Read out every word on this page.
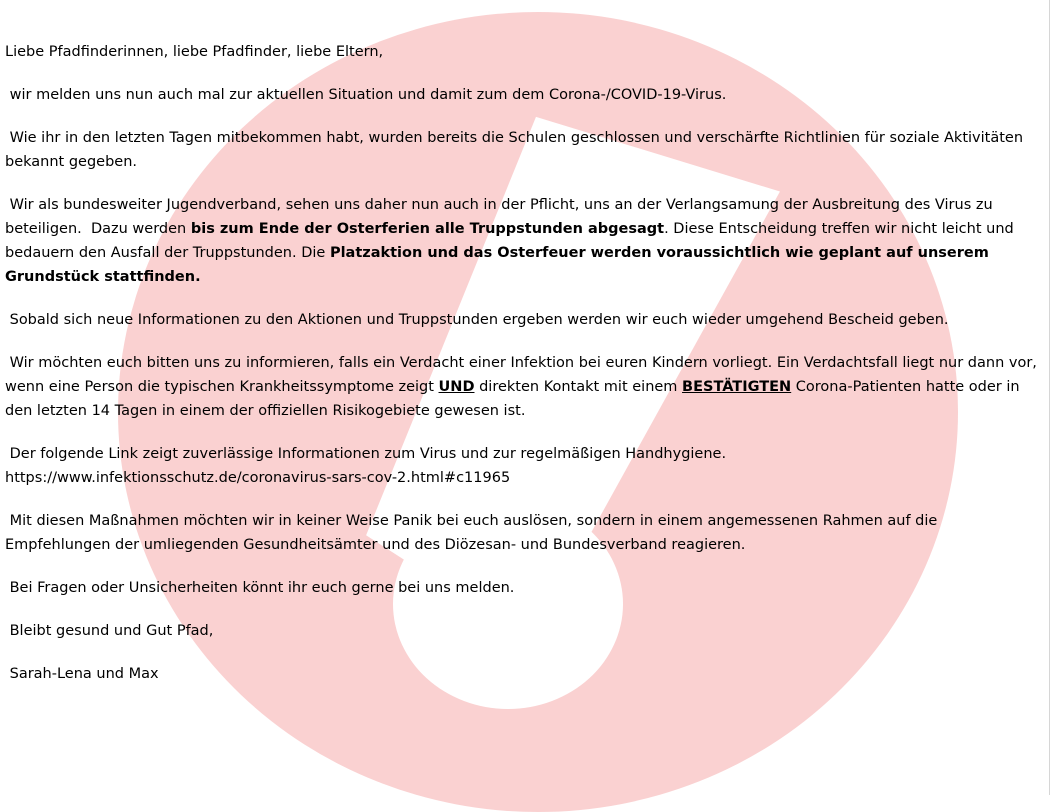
Liebe Pfadfinderinnen, liebe Pfadfinder, liebe Eltern,

wir melden uns nun auch mal zur aktuellen Situation und damit zum dem Corona-/COVID-19-Virus.

Wie ihr in den letzten Tagen mitbekommen habt, wurden bereits die Schulen geschlossen und verschärfte Richtlinien für soziale Aktivitäten bekannt gegeben.

Wir als bundesweiter Jugendverband, sehen uns daher nun auch in der Pflicht, uns an der Verlangsamung der Ausbreitung des Virus zu beteiligen.  Dazu werden bis zum Ende der Osterferien alle Truppstunden abgesagt. Diese Entscheidung treffen wir nicht leicht und bedauern den Ausfall der Truppstunden. Die Platzaktion und das Osterfeuer werden voraussichtlich wie geplant auf unserem Grundstück stattfinden.

Sobald sich neue Informationen zu den Aktionen und Truppstunden ergeben werden wir euch wieder umgehend Bescheid geben.

Wir möchten euch bitten uns zu informieren, falls ein Verdacht einer Infektion bei euren Kindern vorliegt. Ein Verdachtsfall liegt nur dann vor, wenn eine Person die typischen Krankheitssymptome zeigt UND direkten Kontakt mit einem BESTÄTIGTEN Corona-Patienten hatte oder in den letzten 14 Tagen in einem der offiziellen Risikogebiete gewesen ist.

Der folgende Link zeigt zuverlässige Informationen zum Virus und zur regelmäßigen Handhygiene.
https://www.infektionsschutz.de/coronavirus-sars-cov-2.html#c11965

Mit diesen Maßnahmen möchten wir in keiner Weise Panik bei euch auslösen, sondern in einem angemessenen Rahmen auf die Empfehlungen der umliegenden Gesundheitsämter und des Diözesan- und Bundesverband reagieren.

Bei Fragen oder Unsicherheiten könnt ihr euch gerne bei uns melden.

Bleibt gesund und Gut Pfad,

Sarah-Lena und Max
